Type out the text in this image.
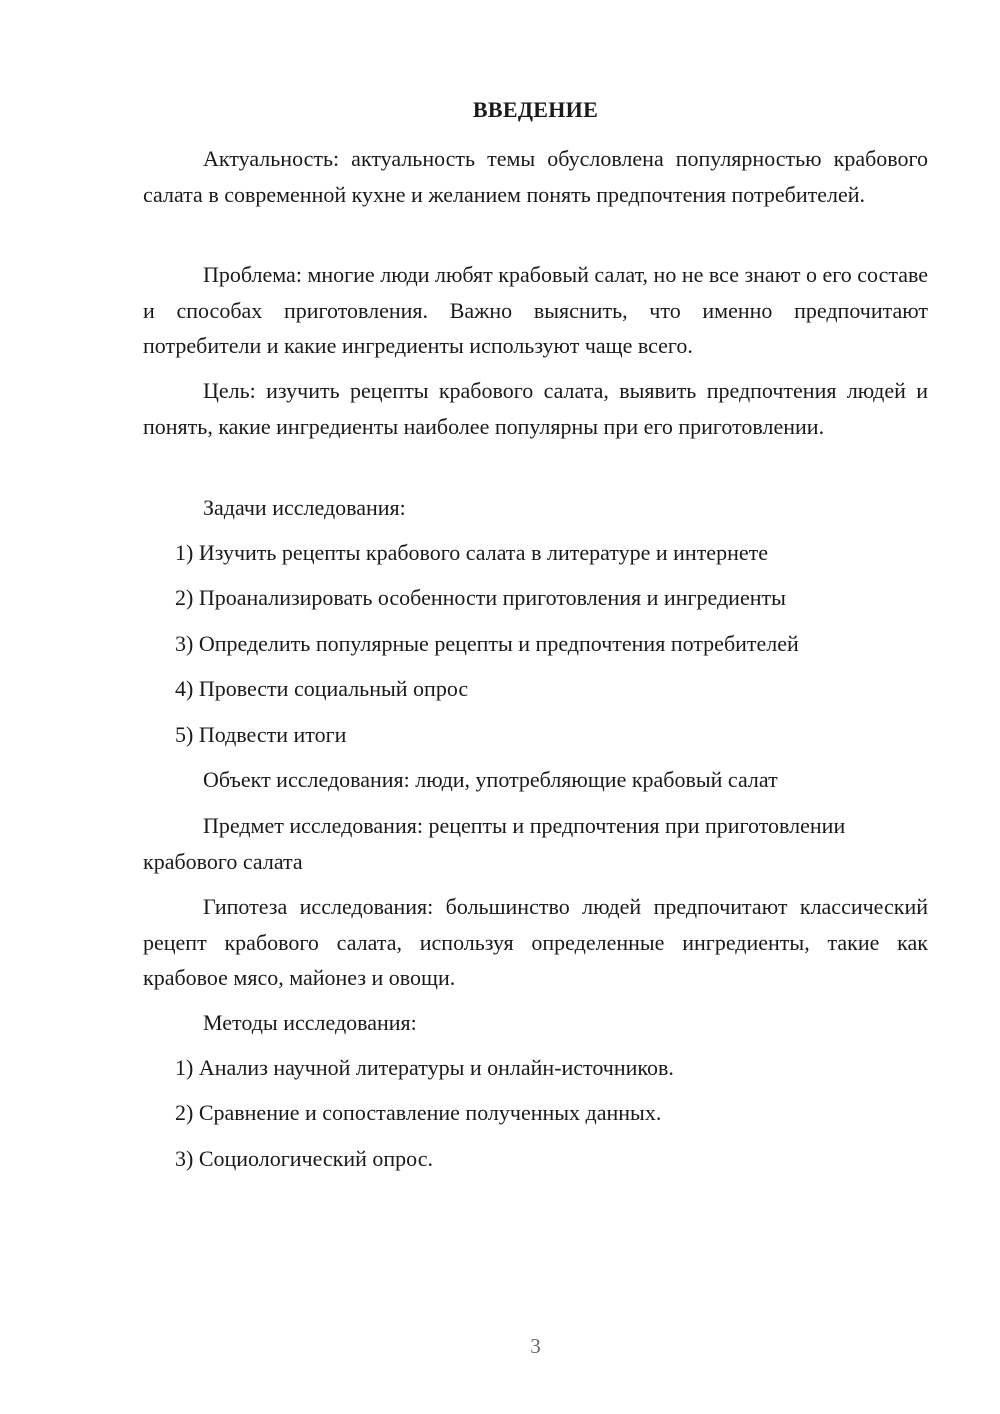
ВВЕДЕНИЕ

Актуальность: актуальность темы обусловлена популярностью крабового салата в современной кухне и желанием понять предпочтения потребителей.

Проблема: многие люди любят крабовый салат, но не все знают о его составе и способах приготовления. Важно выяснить, что именно предпочитают потребители и какие ингредиенты используют чаще всего.

Цель: изучить рецепты крабового салата, выявить предпочтения людей и понять, какие ингредиенты наиболее популярны при его приготовлении.

Задачи исследования:

1) Изучить рецепты крабового салата в литературе и интернете
2) Проанализировать особенности приготовления и ингредиенты
3) Определить популярные рецепты и предпочтения потребителей
4) Провести социальный опрос
5) Подвести итоги

Объект исследования: люди, употребляющие крабовый салат

Предмет исследования: рецепты и предпочтения при приготовлении крабового салата

Гипотеза исследования: большинство людей предпочитают классический рецепт крабового салата, используя определенные ингредиенты, такие как крабовое мясо, майонез и овощи.

Методы исследования:

1) Анализ научной литературы и онлайн-источников.
2) Сравнение и сопоставление полученных данных.
3) Социологический опрос.
3
